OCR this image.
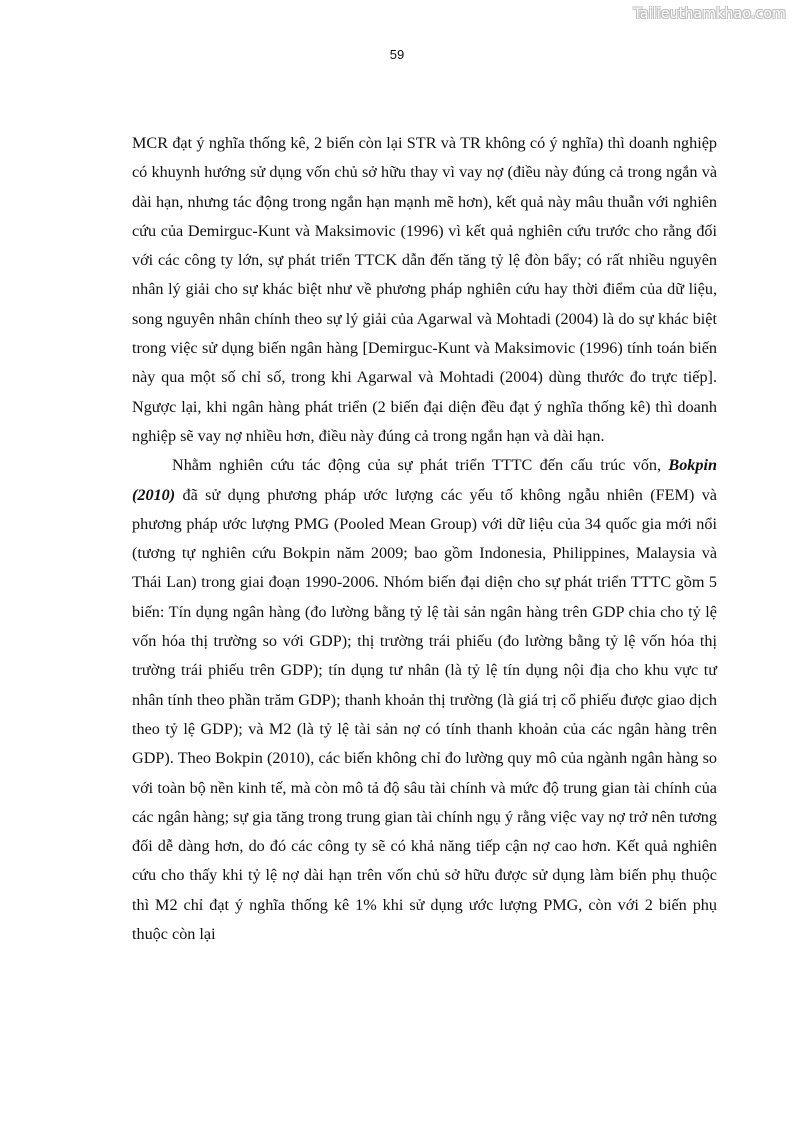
Tailieuthamkhao.com
59

MCR đạt ý nghĩa thống kê, 2 biến còn lại STR và TR không có ý nghĩa) thì doanh nghiệp có khuynh hướng sử dụng vốn chủ sở hữu thay vì vay nợ (điều này đúng cả trong ngắn và dài hạn, nhưng tác động trong ngắn hạn mạnh mẽ hơn), kết quả này mâu thuẫn với nghiên cứu của Demirguc-Kunt và Maksimovic (1996) vì kết quả nghiên cứu trước cho rằng đối với các công ty lớn, sự phát triển TTCK dẫn đến tăng tỷ lệ đòn bẩy; có rất nhiều nguyên nhân lý giải cho sự khác biệt như về phương pháp nghiên cứu hay thời điểm của dữ liệu, song nguyên nhân chính theo sự lý giải của Agarwal và Mohtadi (2004) là do sự khác biệt trong việc sử dụng biến ngân hàng [Demirguc-Kunt và Maksimovic (1996) tính toán biến này qua một số chỉ số, trong khi Agarwal và Mohtadi (2004) dùng thước đo trực tiếp]. Ngược lại, khi ngân hàng phát triển (2 biến đại diện đều đạt ý nghĩa thống kê) thì doanh nghiệp sẽ vay nợ nhiều hơn, điều này đúng cả trong ngắn hạn và dài hạn.

Nhằm nghiên cứu tác động của sự phát triển TTTC đến cấu trúc vốn, Bokpin (2010) đã sử dụng phương pháp ước lượng các yếu tố không ngẫu nhiên (FEM) và phương pháp ước lượng PMG (Pooled Mean Group) với dữ liệu của 34 quốc gia mới nổi (tương tự nghiên cứu Bokpin năm 2009; bao gồm Indonesia, Philippines, Malaysia và Thái Lan) trong giai đoạn 1990-2006. Nhóm biến đại diện cho sự phát triển TTTC gồm 5 biến: Tín dụng ngân hàng (đo lường bằng tỷ lệ tài sản ngân hàng trên GDP chia cho tỷ lệ vốn hóa thị trường so với GDP); thị trường trái phiếu (đo lường bằng tỷ lệ vốn hóa thị trường trái phiếu trên GDP); tín dụng tư nhân (là tỷ lệ tín dụng nội địa cho khu vực tư nhân tính theo phần trăm GDP); thanh khoản thị trường (là giá trị cổ phiếu được giao dịch theo tỷ lệ GDP); và M2 (là tỷ lệ tài sản nợ có tính thanh khoản của các ngân hàng trên GDP). Theo Bokpin (2010), các biến không chỉ đo lường quy mô của ngành ngân hàng so với toàn bộ nền kinh tế, mà còn mô tả độ sâu tài chính và mức độ trung gian tài chính của các ngân hàng; sự gia tăng trong trung gian tài chính ngụ ý rằng việc vay nợ trở nên tương đối dễ dàng hơn, do đó các công ty sẽ có khả năng tiếp cận nợ cao hơn. Kết quả nghiên cứu cho thấy khi tỷ lệ nợ dài hạn trên vốn chủ sở hữu được sử dụng làm biến phụ thuộc thì M2 chỉ đạt ý nghĩa thống kê 1% khi sử dụng ước lượng PMG, còn với 2 biến phụ thuộc còn lại
